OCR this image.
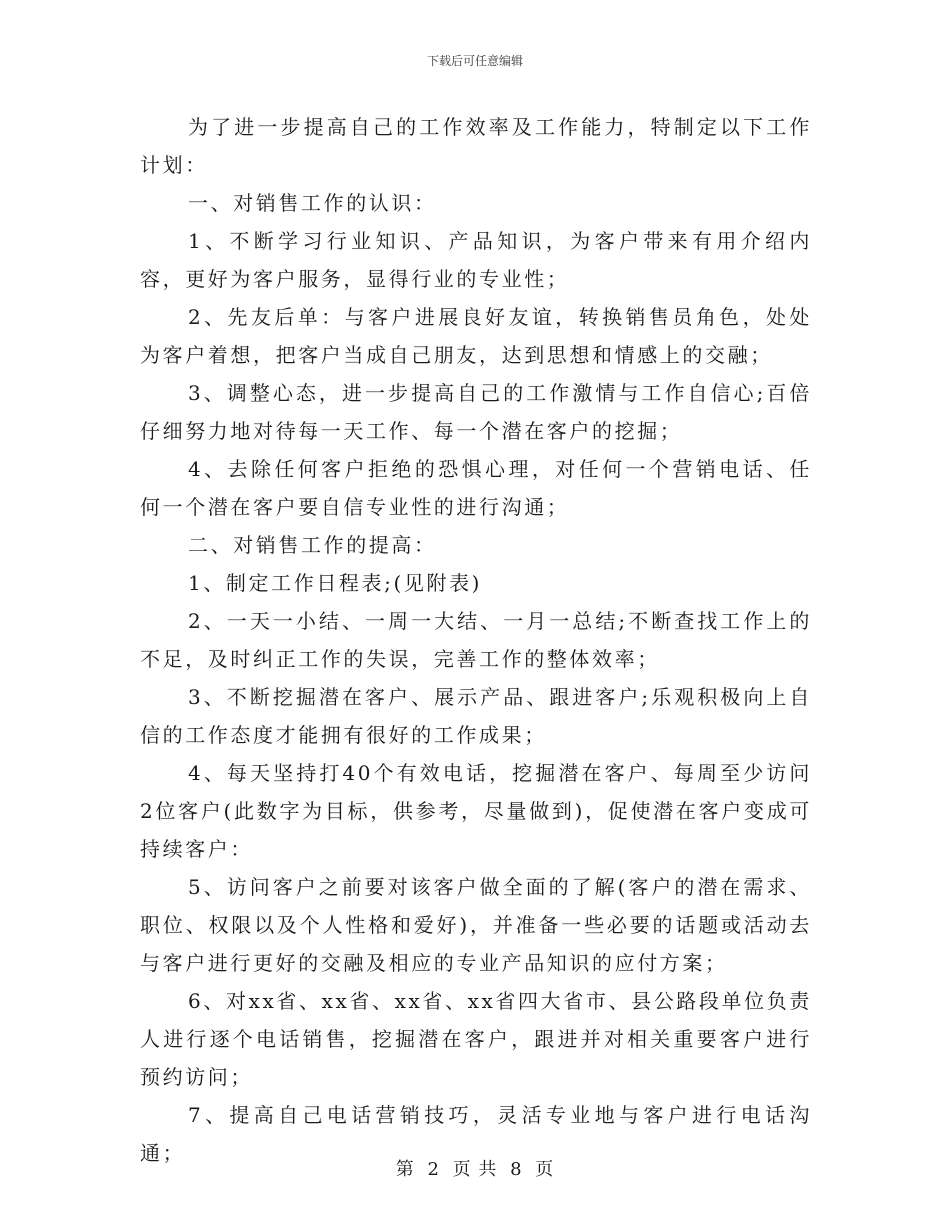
下载后可任意编辑

为了进一步提高自己的工作效率及工作能力，特制定以下工作计划：

一、对销售工作的认识：

1、不断学习行业知识、产品知识，为客户带来有用介绍内容，更好为客户服务，显得行业的专业性；

2、先友后单：与客户进展良好友谊，转换销售员角色，处处为客户着想，把客户当成自己朋友，达到思想和情感上的交融；

3、调整心态，进一步提高自己的工作激情与工作自信心;百倍仔细努力地对待每一天工作、每一个潜在客户的挖掘；

4、去除任何客户拒绝的恐惧心理，对任何一个营销电话、任何一个潜在客户要自信专业性的进行沟通；

二、对销售工作的提高：

1、制定工作日程表;(见附表)

2、一天一小结、一周一大结、一月一总结;不断查找工作上的不足，及时纠正工作的失误，完善工作的整体效率；

3、不断挖掘潜在客户、展示产品、跟进客户;乐观积极向上自信的工作态度才能拥有很好的工作成果；

4、每天坚持打40个有效电话，挖掘潜在客户、每周至少访问2位客户(此数字为目标，供参考，尽量做到)，促使潜在客户变成可持续客户：

5、访问客户之前要对该客户做全面的了解(客户的潜在需求、职位、权限以及个人性格和爱好)，并准备一些必要的话题或活动去与客户进行更好的交融及相应的专业产品知识的应付方案；

6、对xx省、xx省、xx省、xx省四大省市、县公路段单位负责人进行逐个电话销售，挖掘潜在客户，跟进并对相关重要客户进行预约访问；

7、提高自己电话营销技巧，灵活专业地与客户进行电话沟通；

第 2 页 共 8 页
